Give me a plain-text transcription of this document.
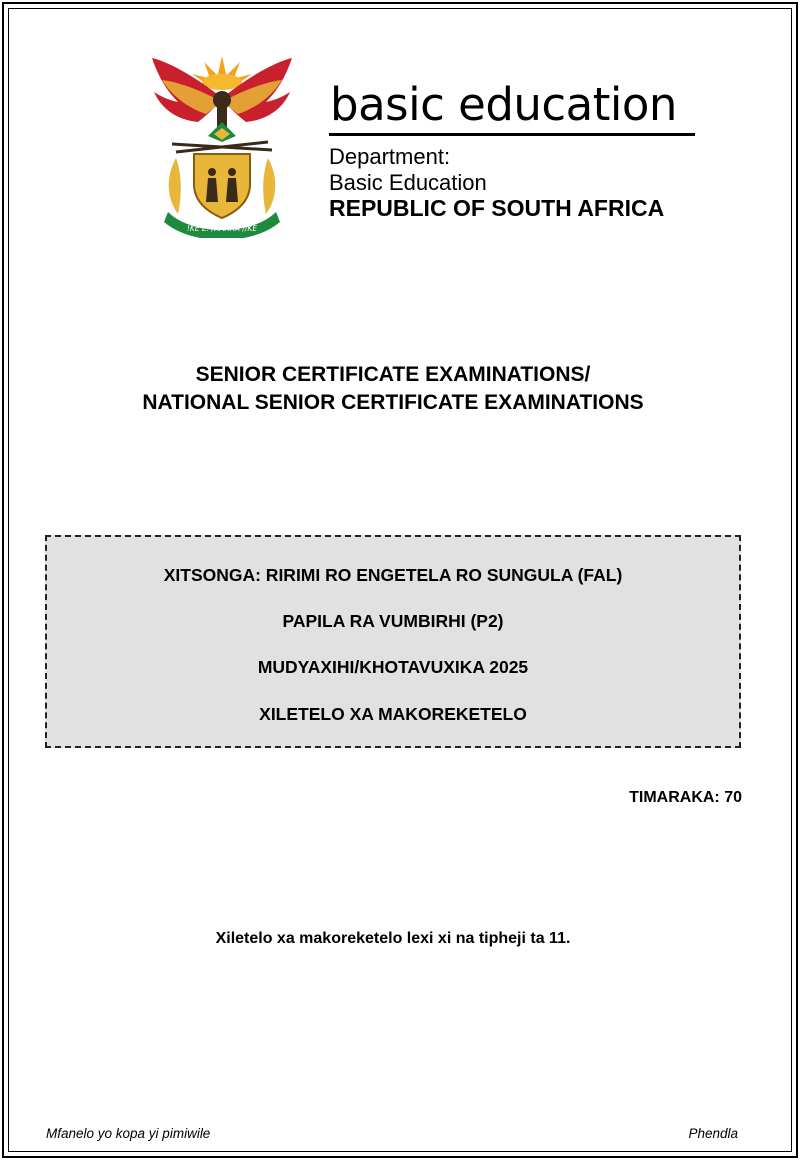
!KE E: /XARRA //KE
basic education
Department:
Basic Education
REPUBLIC OF SOUTH AFRICA
SENIOR CERTIFICATE EXAMINATIONS/
NATIONAL SENIOR CERTIFICATE EXAMINATIONS
XITSONGA: RIRIMI RO ENGETELA RO SUNGULA (FAL)
PAPILA RA VUMBIRHI (P2)
MUDYAXIHI/KHOTAVUXIKA 2025
XILETELO XA MAKOREKETELO
TIMARAKA: 70
Xiletelo xa makoreketelo lexi xi na tipheji ta 11.
Mfanelo yo kopa yi pimiwile	Phendla
